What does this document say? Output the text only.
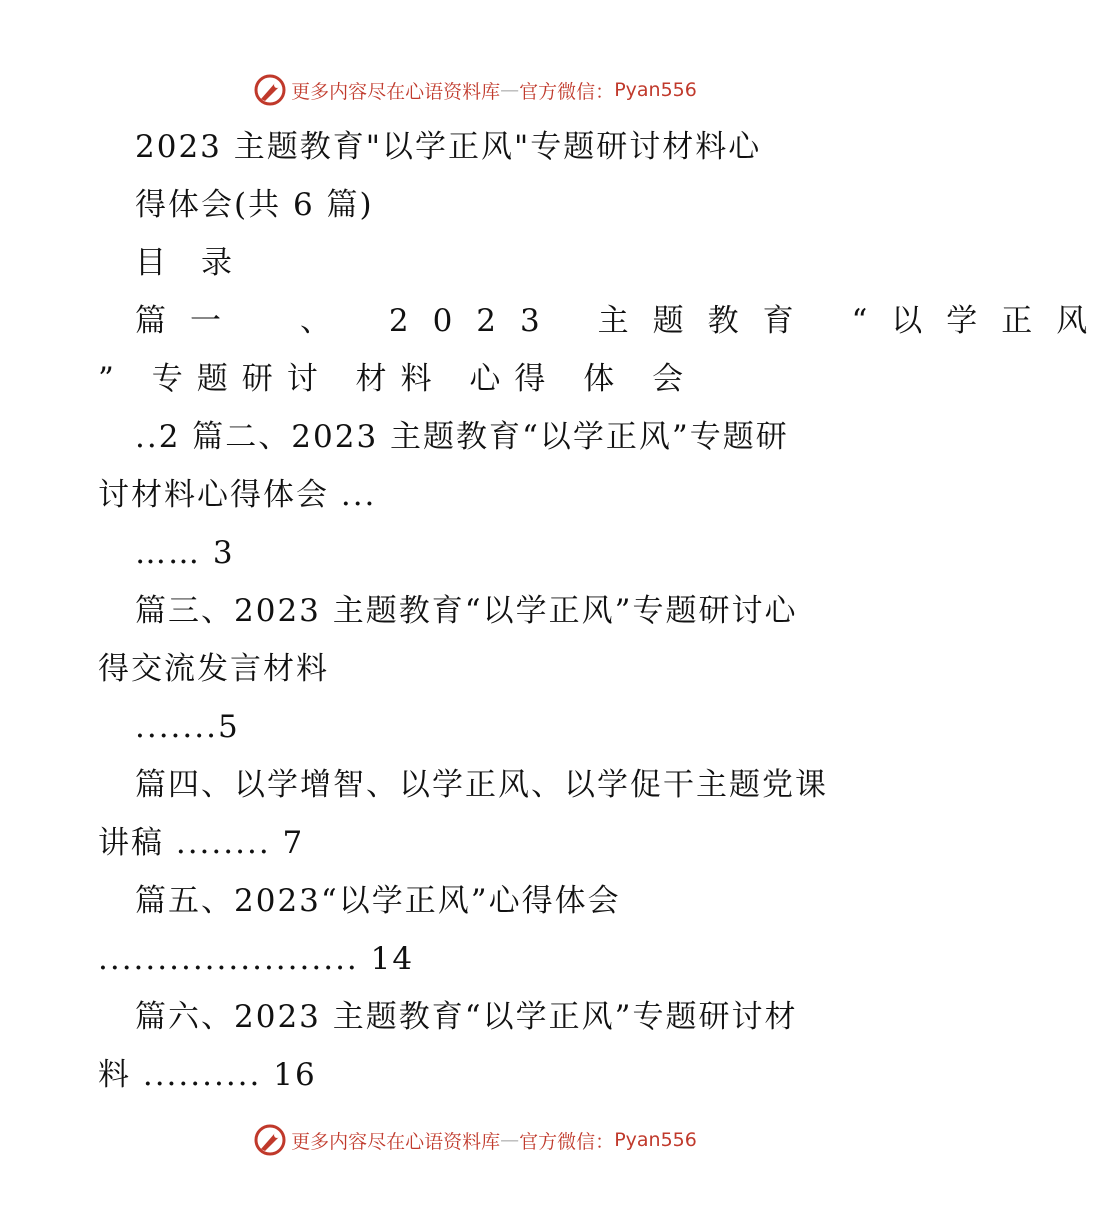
更多内容尽在心语资料库 — 官方微信： Pyan556
2023 主题教育"以学正风"专题研讨材料心
得体会(共 6 篇)
目　录
篇一　、 2023 主题教育 “以学正风
” 专题研讨 材料 心得 体 会
..2 篇二、2023 主题教育“以学正风”专题研
讨材料心得体会 ...
…… 3
篇三、2023 主题教育“以学正风”专题研讨心
得交流发言材料
.......5
篇四、以学增智、以学正风、以学促干主题党课
讲稿 ........ 7
篇五、2023“以学正风”心得体会
...................... 14
篇六、2023 主题教育“以学正风”专题研讨材
料 .......... 16
更多内容尽在心语资料库 — 官方微信： Pyan556
